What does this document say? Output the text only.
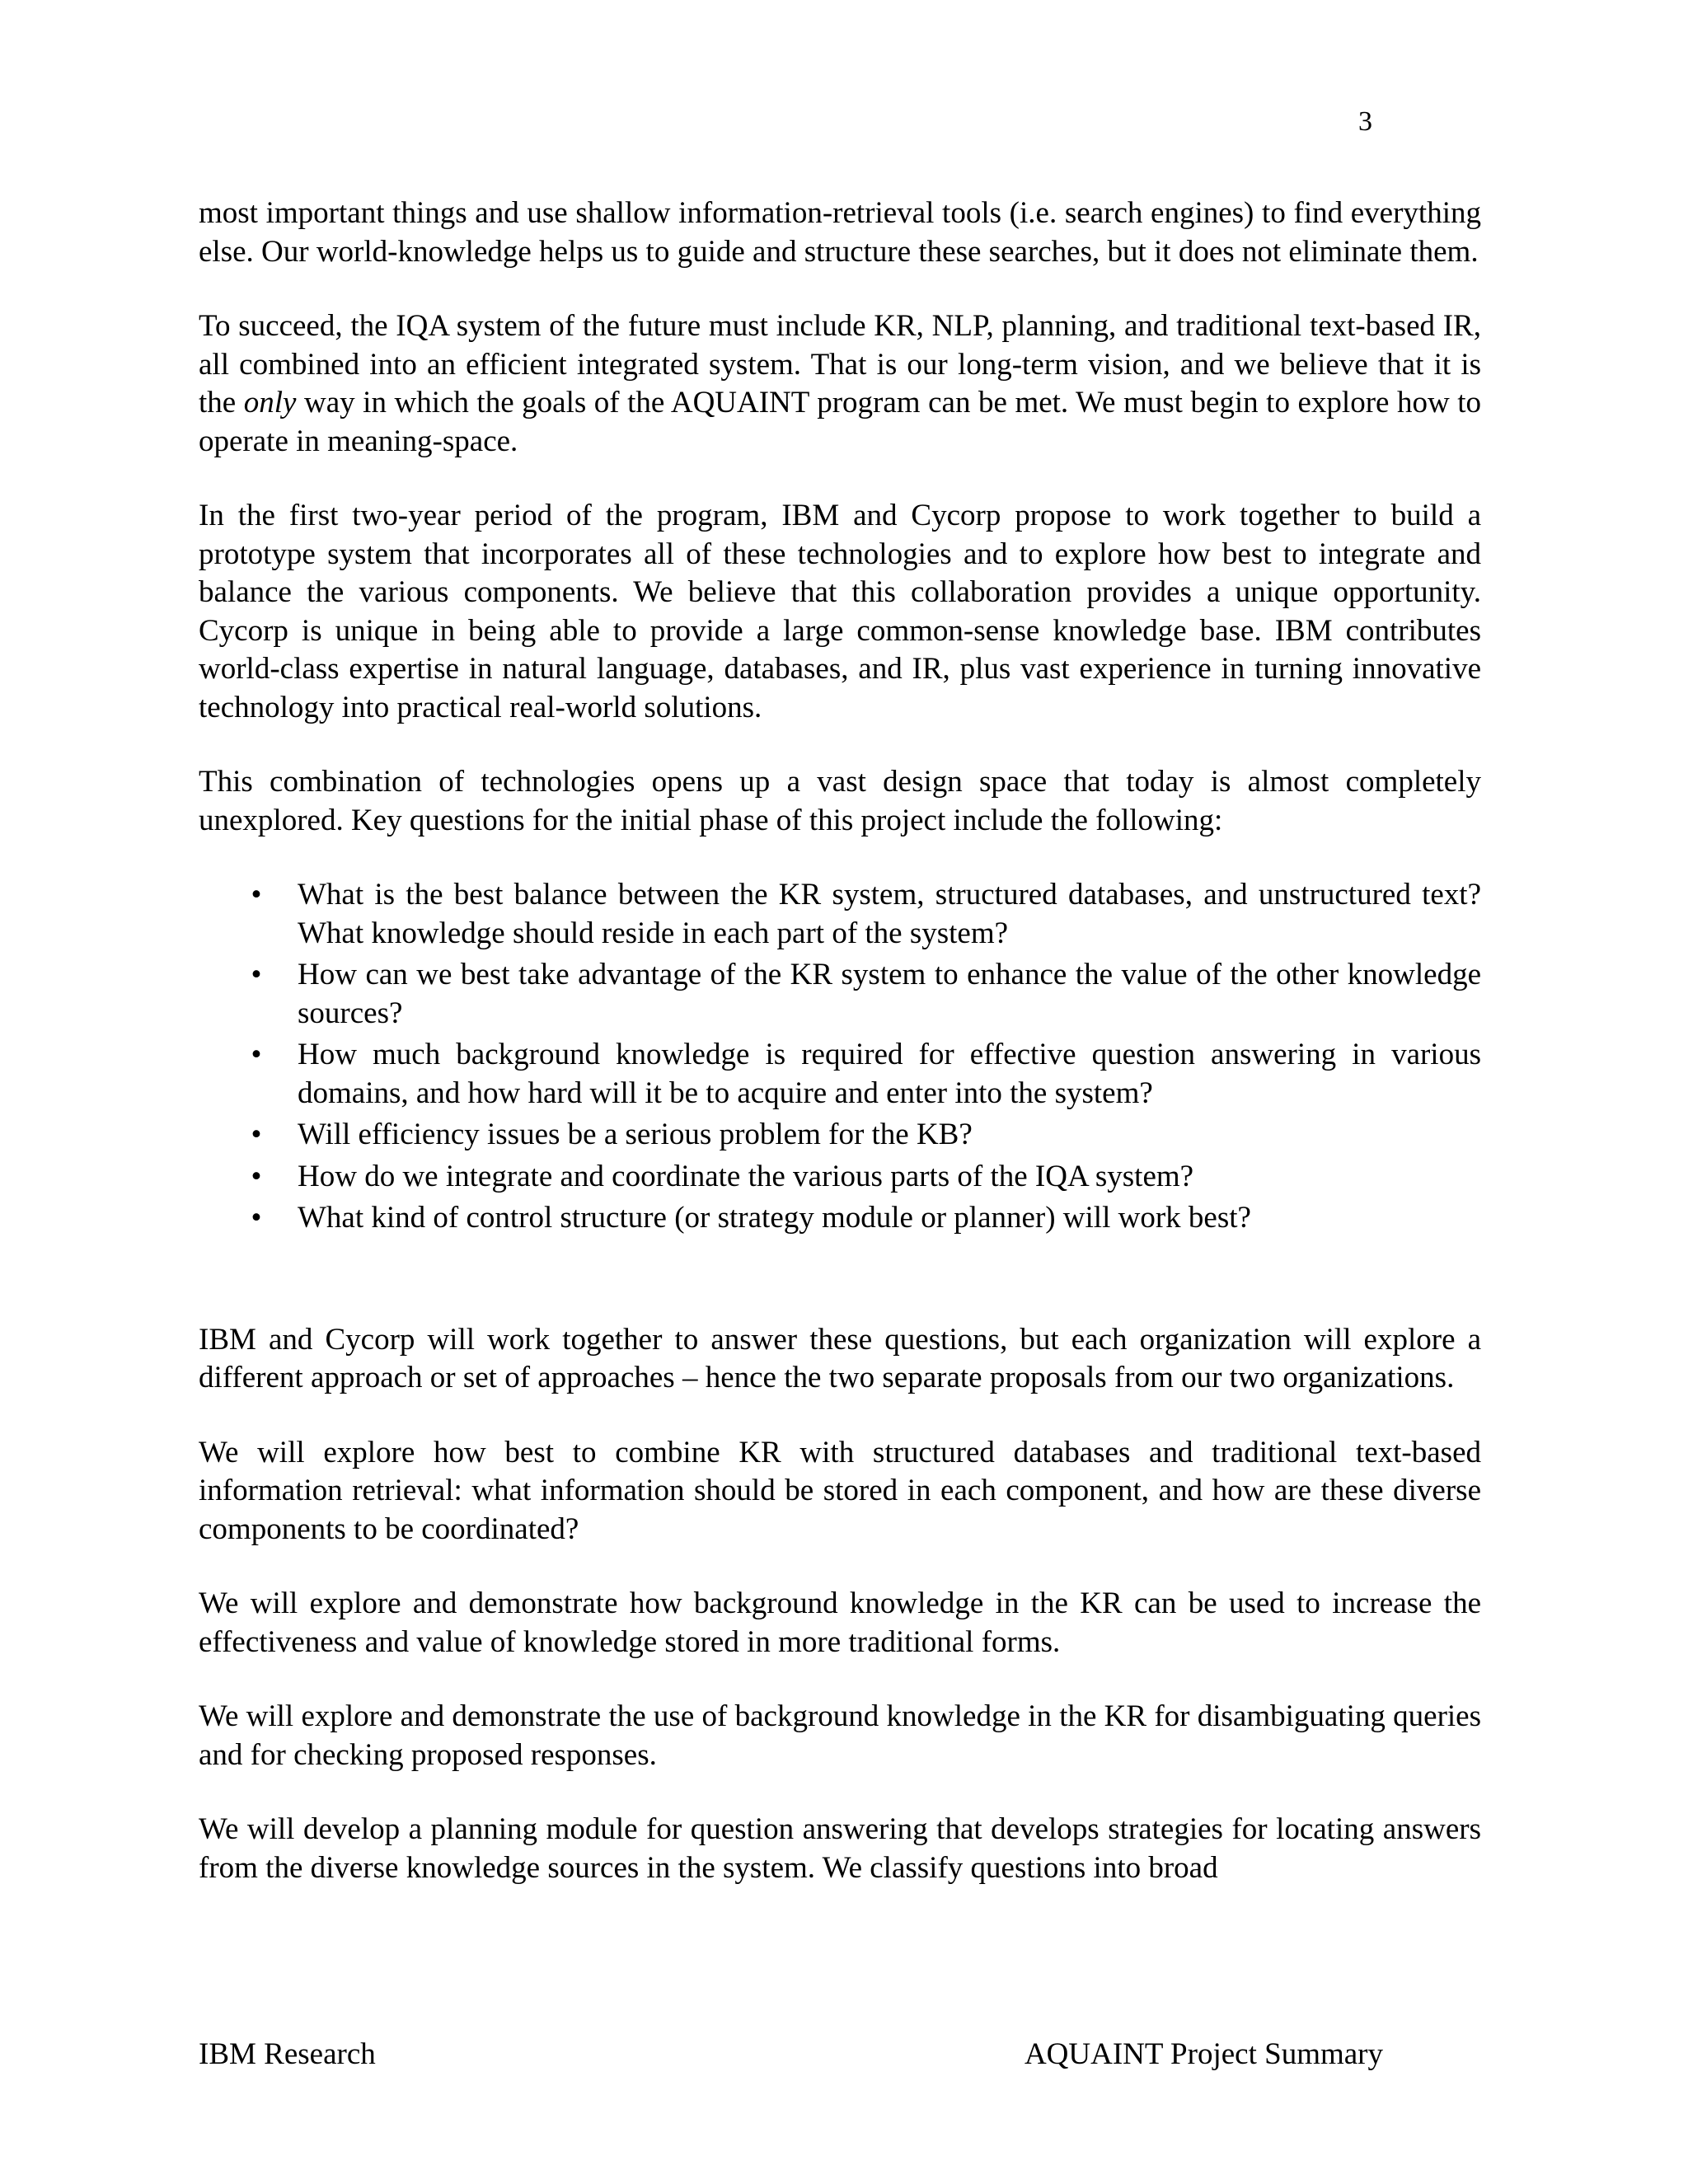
3

most important things and use shallow information-retrieval tools (i.e. search engines) to find everything else. Our world-knowledge helps us to guide and structure these searches, but it does not eliminate them.

To succeed, the IQA system of the future must include KR, NLP, planning, and traditional text-based IR, all combined into an efficient integrated system. That is our long-term vision, and we believe that it is the only way in which the goals of the AQUAINT program can be met. We must begin to explore how to operate in meaning-space.

In the first two-year period of the program, IBM and Cycorp propose to work together to build a prototype system that incorporates all of these technologies and to explore how best to integrate and balance the various components. We believe that this collaboration provides a unique opportunity. Cycorp is unique in being able to provide a large common-sense knowledge base. IBM contributes world-class expertise in natural language, databases, and IR, plus vast experience in turning innovative technology into practical real-world solutions.

This combination of technologies opens up a vast design space that today is almost completely unexplored. Key questions for the initial phase of this project include the following:

• What is the best balance between the KR system, structured databases, and unstructured text? What knowledge should reside in each part of the system?
• How can we best take advantage of the KR system to enhance the value of the other knowledge sources?
• How much background knowledge is required for effective question answering in various domains, and how hard will it be to acquire and enter into the system?
• Will efficiency issues be a serious problem for the KB?
• How do we integrate and coordinate the various parts of the IQA system?
• What kind of control structure (or strategy module or planner) will work best?

IBM and Cycorp will work together to answer these questions, but each organization will explore a different approach or set of approaches – hence the two separate proposals from our two organizations.

We will explore how best to combine KR with structured databases and traditional text-based information retrieval: what information should be stored in each component, and how are these diverse components to be coordinated?

We will explore and demonstrate how background knowledge in the KR can be used to increase the effectiveness and value of knowledge stored in more traditional forms.

We will explore and demonstrate the use of background knowledge in the KR for disambiguating queries and for checking proposed responses.

We will develop a planning module for question answering that develops strategies for locating answers from the diverse knowledge sources in the system. We classify questions into broad

IBM Research	AQUAINT Project Summary
